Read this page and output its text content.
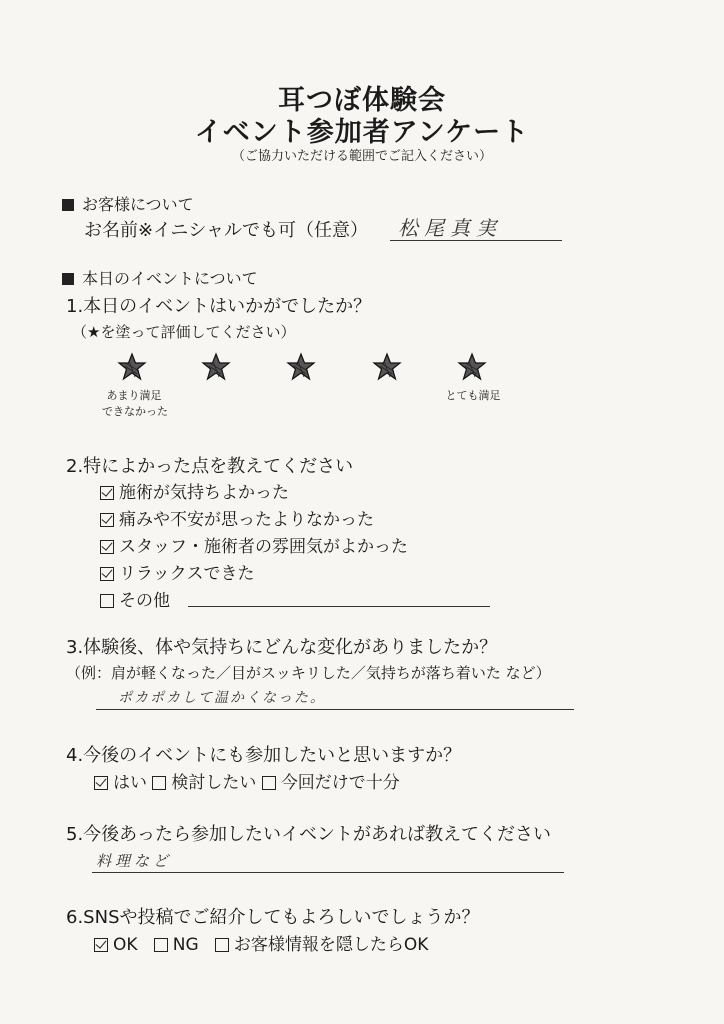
耳つぼ体験会
イベント参加者アンケート
（ご協力いただける範囲でご記入ください）
お客様について
お名前※イニシャルでも可（任意） 松尾真実
本日のイベントについて
1.本日のイベントはいかがでしたか？
（★を塗って評価してください）
あまり満足
できなかった
とても満足
2.特によかった点を教えてください
施術が気持ちよかった
痛みや不安が思ったよりなかった
スタッフ・施術者の雰囲気がよかった
リラックスできた
その他
3.体験後、体や気持ちにどんな変化がありましたか？
（例：肩が軽くなった／目がスッキリした／気持ちが落ち着いた など）
ポカポカして温かくなった。
4.今後のイベントにも参加したいと思いますか？
はい 検討したい 今回だけで十分
5.今後あったら参加したいイベントがあれば教えてください
料理など
6.SNSや投稿でご紹介してもよろしいでしょうか？
OK NG お客様情報を隠したらOK
